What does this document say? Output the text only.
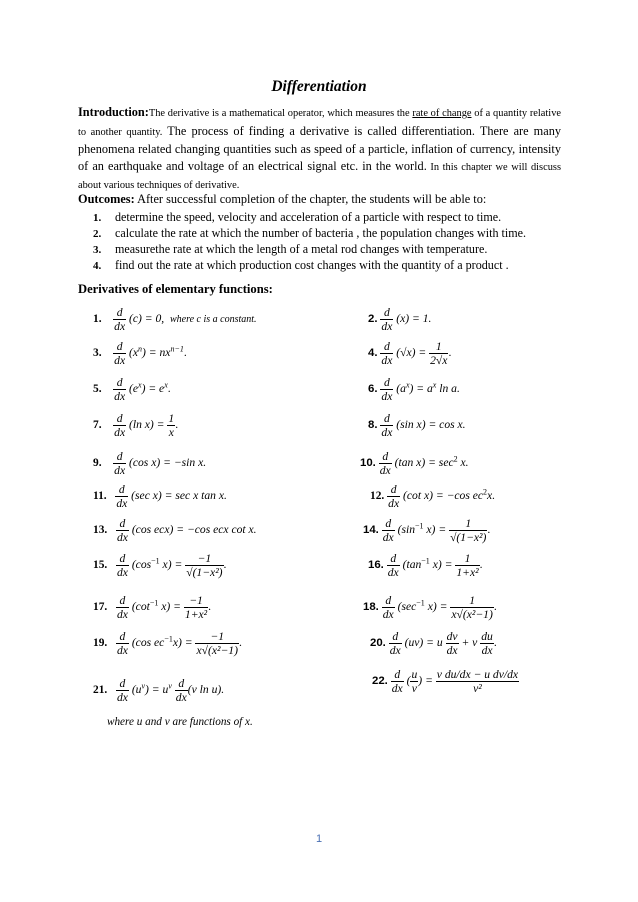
Differentiation
Introduction:The derivative is a mathematical operator, which measures the rate of change of a quantity relative to another quantity. The process of finding a derivative is called differentiation. There are many phenomena related changing quantities such as speed of a particle, inflation of currency, intensity of an earthquake and voltage of an electrical signal etc. in the world. In this chapter we will discuss about various techniques of derivative.
Outcomes: After successful completion of the chapter, the students will be able to:
1. determine the speed, velocity and acceleration of a particle with respect to time.
2. calculate the rate at which the number of bacteria , the population changes with time.
3. measurethe rate at which the length of a metal rod changes with temperature.
4. find out the rate at which production cost changes with the quantity of a product .
Derivatives of elementary functions:
1. $\frac{d}{dx} (c) = 0$, where c is a constant.
3. $\frac{d}{dx} (x^n) = nx^{n-1}$.
5. $\frac{d}{dx} (e^x) = e^x$.
7. $\frac{d}{dx} (\ln$ $x) = \frac{1}{x}$ .
9. $\frac{d}{dx} (\cos$ x) = −sin x.
11. $\frac{d}{dx} (\sec$ x) = sec x tan x.
13. $\frac{d}{dx} (\cos$ ecx) = −cos ecx cot x.
15. $\frac{d}{dx} (\cos^{-1}$ $x) = \frac{-1}{\text{√(1−x²)}}$ .
17. $\frac{d}{dx} (\cot^{-1}$ $x) = \frac{-1}{\text{1+x²}}$ .
19. $\frac{d}{dx} (\cos$ $ec^{-1}x) = \frac{-1}{\text{x√(x²−1)}}$ .
21. $\frac{d}{dx} (u^v) = u^v \frac{d}{dx} (v$ ln u).
2. $\frac{d}{dx} (x) = 1$.
4. $\frac{d}{dx} (√x) = \frac{1}{2√x}$ .
6. $\frac{d}{dx} (a^x) = a^x$ ln a.
8. $\frac{d}{dx} (\sin$ x) = cos x.
10. $\frac{d}{dx} (\tan$ $x) = \sec^2 x$.
12. $\frac{d}{dx} (\cot$ x) = −cos $ec^2x$.
14. $\frac{d}{dx} (\sin^{-1}$ $x) = \frac{1}{\text{√(1−x²)}}$ .
16. $\frac{d}{dx} (\tan^{-1}$ $x) = \frac{1}{\text{1+x²}}$ .
18. $\frac{d}{dx} (\sec^{-1}$ $x) = \frac{1}{\text{x√(x²−1)}}$ .
20. $\frac{d}{dx} (uv) = u \frac{dv}{dx} + v \frac{du}{dx}$ .
22. $\frac{d}{dx}$ ( $\frac{u}{v}$ ) = $\frac{\text{v du/dx − u dv/dx}}{\text{v²}}$
where u and v are functions of x.
1
